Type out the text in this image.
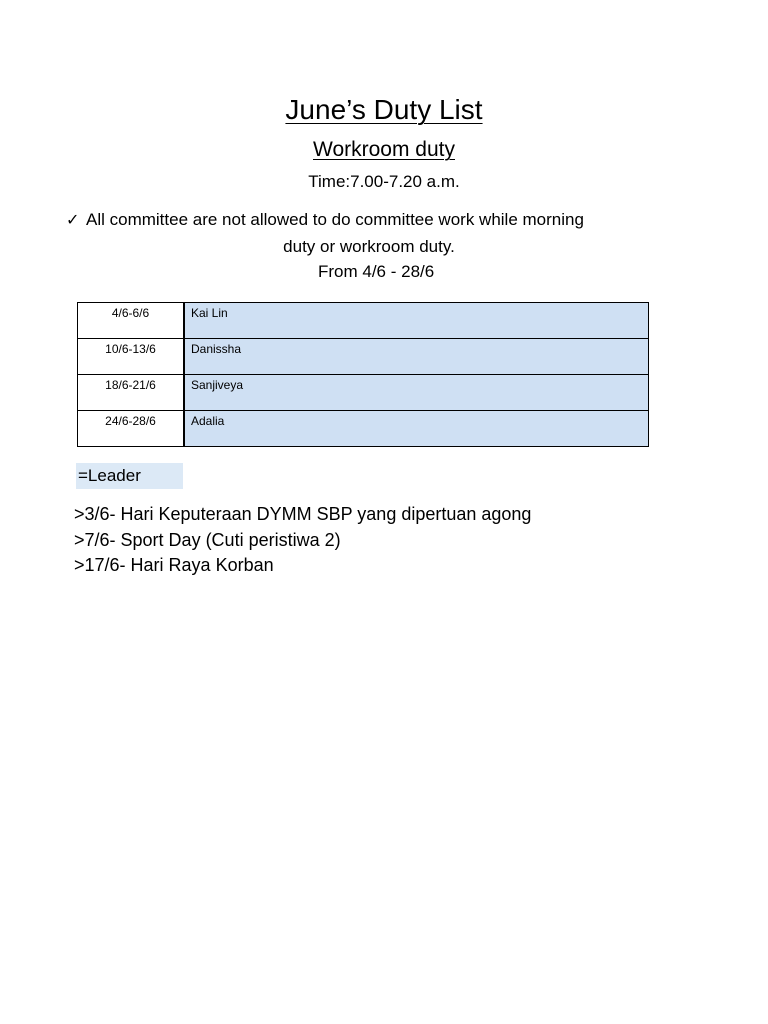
June’s Duty List
Workroom duty
Time:7.00-7.20 a.m.
✓ All committee are not allowed to do committee work while morning
duty or workroom duty.
From 4/6 - 28/6
4/6-6/6	Kai Lin
10/6-13/6	Danissha
18/6-21/6	Sanjiveya
24/6-28/6	Adalia
=Leader
>3/6- Hari Keputeraan DYMM SBP yang dipertuan agong
>7/6- Sport Day (Cuti peristiwa 2)
>17/6- Hari Raya Korban
